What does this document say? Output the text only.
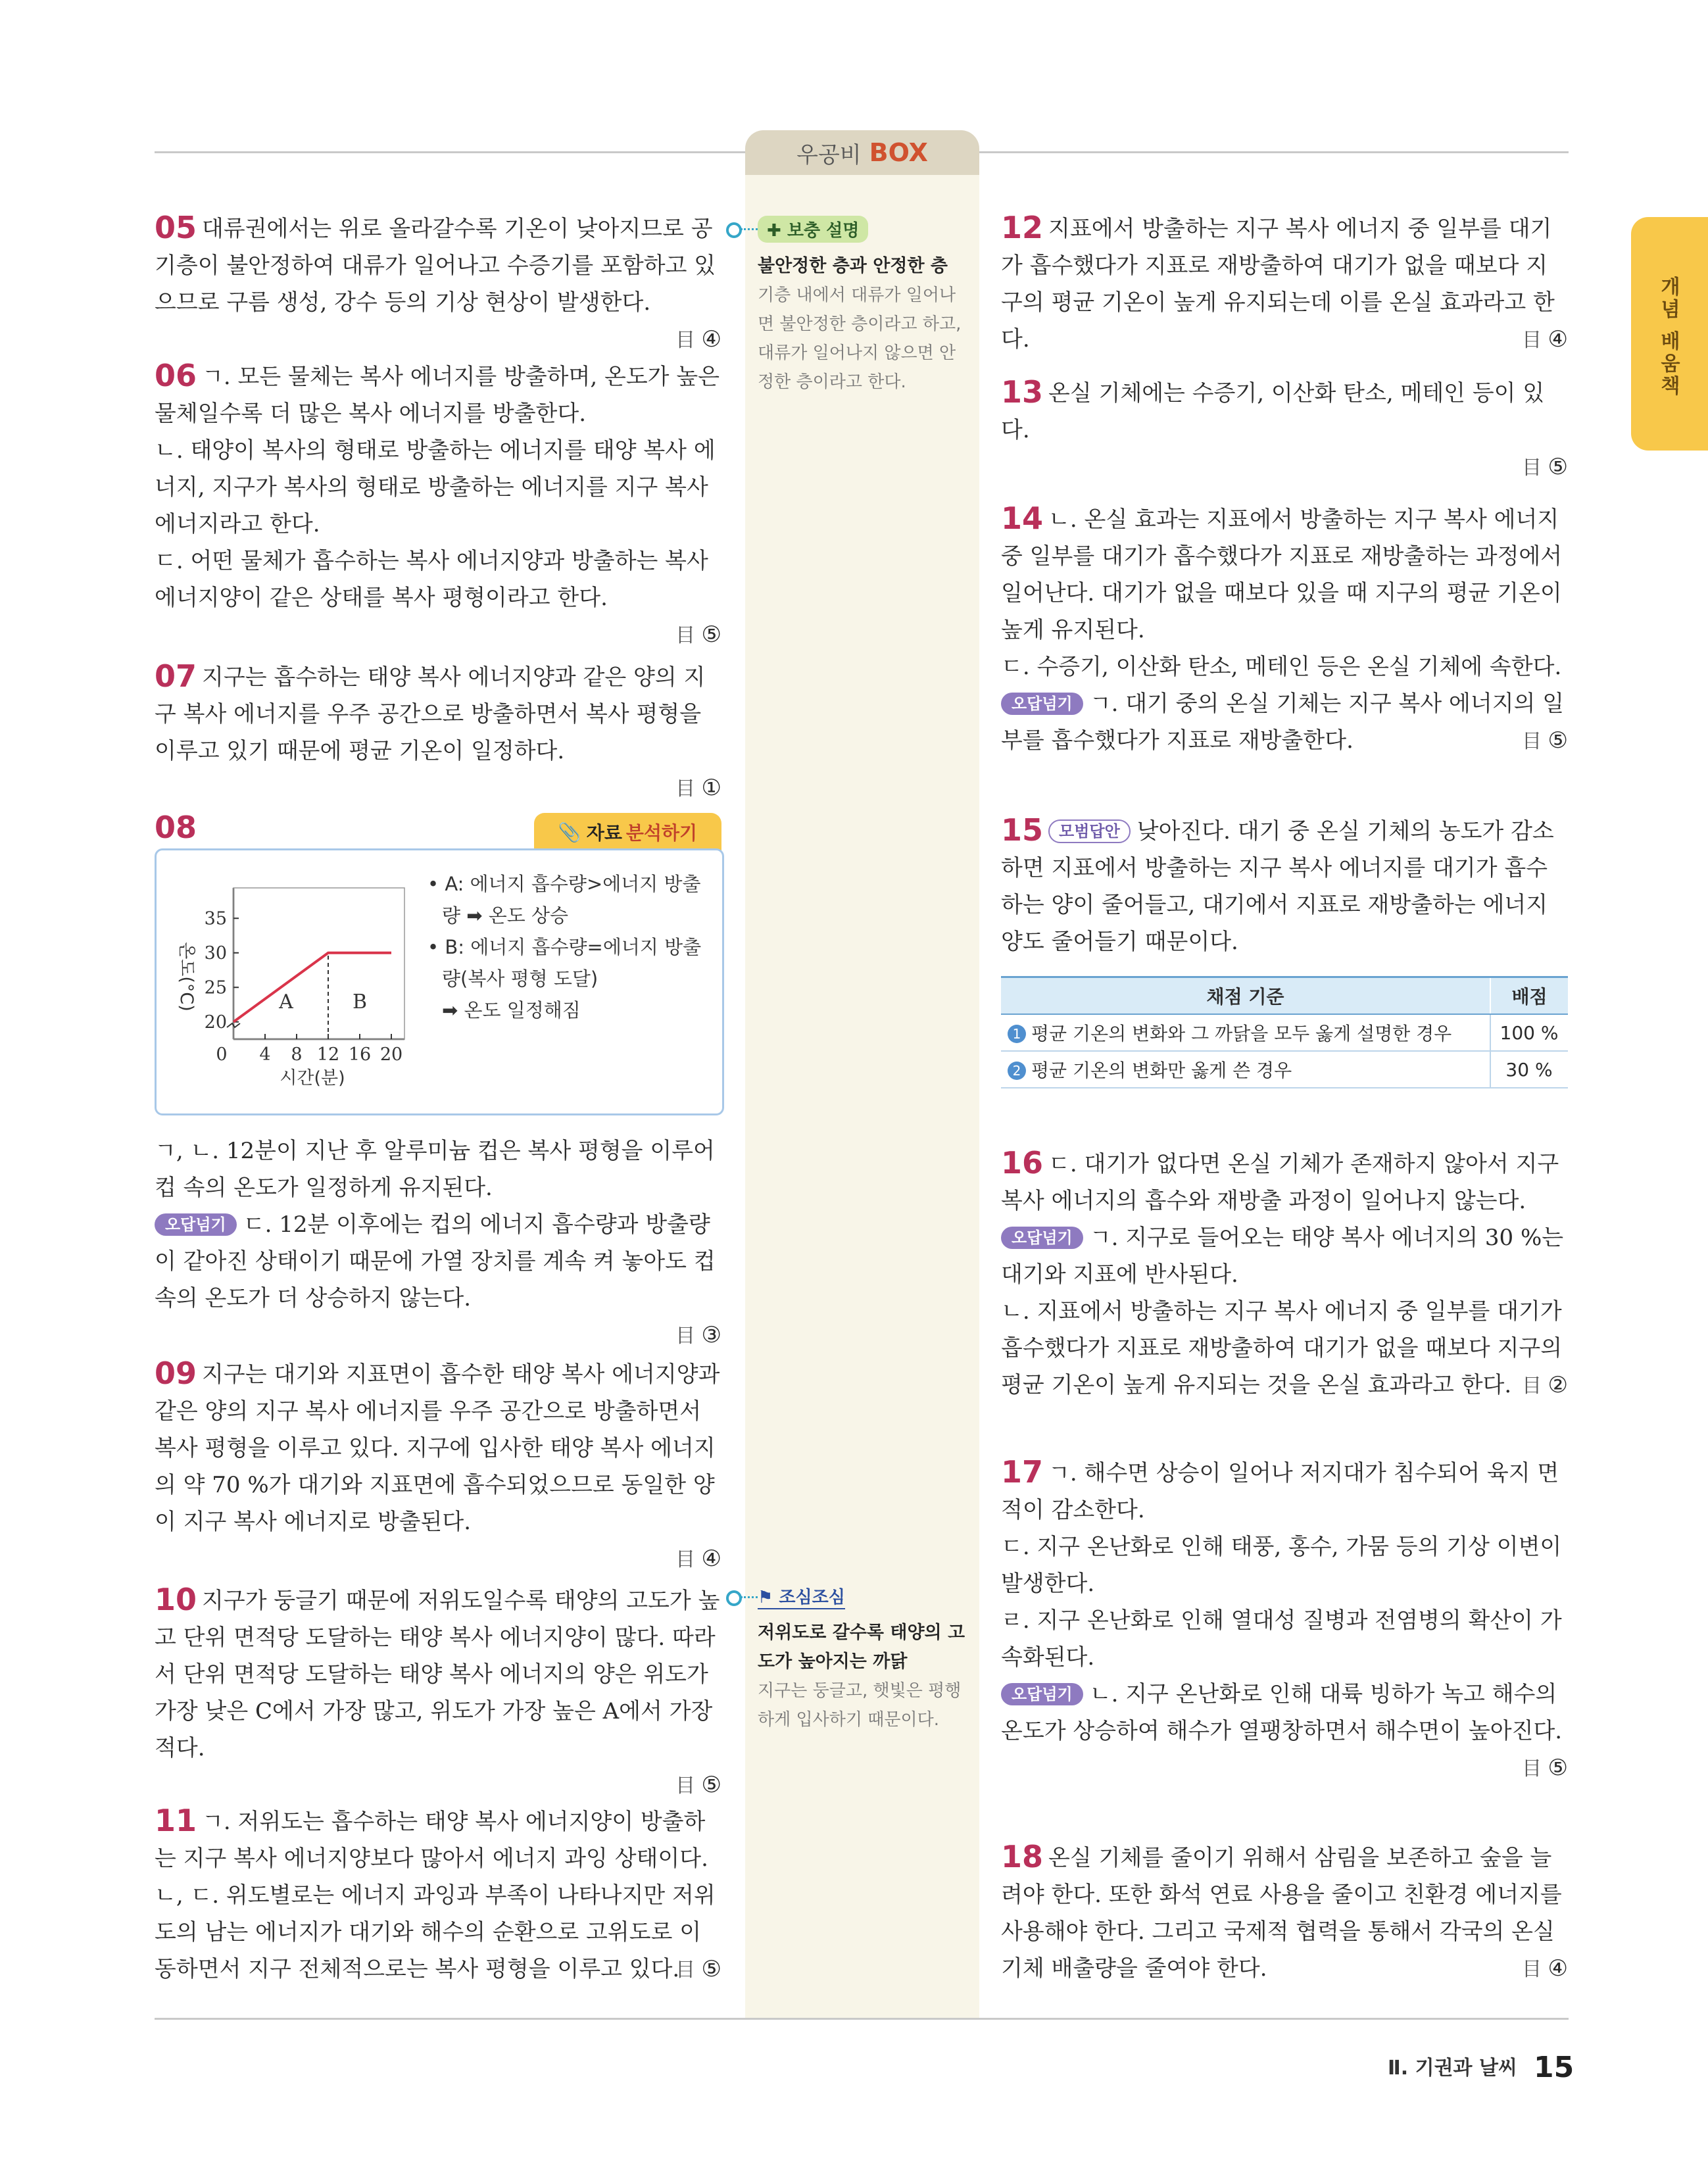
우공비 BOX
개념 배움책
05 대류권에서는 위로 올라갈수록 기온이 낮아지므로 공기층이 불안정하여 대류가 일어나고 수증기를 포함하고 있으므로 구름 생성, 강수 등의 기상 현상이 발생한다.
目 ④
06 ㄱ. 모든 물체는 복사 에너지를 방출하며, 온도가 높은 물체일수록 더 많은 복사 에너지를 방출한다.
ㄴ. 태양이 복사의 형태로 방출하는 에너지를 태양 복사 에너지, 지구가 복사의 형태로 방출하는 에너지를 지구 복사 에너지라고 한다.
ㄷ. 어떤 물체가 흡수하는 복사 에너지양과 방출하는 복사 에너지양이 같은 상태를 복사 평형이라고 한다.
目 ⑤
07 지구는 흡수하는 태양 복사 에너지양과 같은 양의 지구 복사 에너지를 우주 공간으로 방출하면서 복사 평형을 이루고 있기 때문에 평균 기온이 일정하다.
目 ①
08	📎 자료 분석하기
0 4 8 12 16 20
20
25
30
35
A	B
시간(분)
온도(°C)
• A: 에너지 흡수량>에너지 방출량 ➡ 온도 상승
• B: 에너지 흡수량=에너지 방출량(복사 평형 도달)
➡ 온도 일정해짐
ㄱ, ㄴ. 12분이 지난 후 알루미늄 컵은 복사 평형을 이루어 컵 속의 온도가 일정하게 유지된다.
오답넘기 ㄷ. 12분 이후에는 컵의 에너지 흡수량과 방출량이 같아진 상태이기 때문에 가열 장치를 계속 켜 놓아도 컵 속의 온도가 더 상승하지 않는다.
目 ③
09 지구는 대기와 지표면이 흡수한 태양 복사 에너지양과 같은 양의 지구 복사 에너지를 우주 공간으로 방출하면서 복사 평형을 이루고 있다. 지구에 입사한 태양 복사 에너지의 약 70 %가 대기와 지표면에 흡수되었으므로 동일한 양이 지구 복사 에너지로 방출된다.
目 ④
10 지구가 둥글기 때문에 저위도일수록 태양의 고도가 높고 단위 면적당 도달하는 태양 복사 에너지양이 많다. 따라서 단위 면적당 도달하는 태양 복사 에너지의 양은 위도가 가장 낮은 C에서 가장 많고, 위도가 가장 높은 A에서 가장 적다.
目 ⑤
11 ㄱ. 저위도는 흡수하는 태양 복사 에너지양이 방출하는 지구 복사 에너지양보다 많아서 에너지 과잉 상태이다.
ㄴ, ㄷ. 위도별로는 에너지 과잉과 부족이 나타나지만 저위도의 남는 에너지가 대기와 해수의 순환으로 고위도로 이동하면서 지구 전체적으로는 복사 평형을 이루고 있다.
目 ⑤
✚ 보충 설명
불안정한 층과 안정한 층
기층 내에서 대류가 일어나면 불안정한 층이라고 하고, 대류가 일어나지 않으면 안정한 층이라고 한다.
⚑ 조심조심
저위도로 갈수록 태양의 고도가 높아지는 까닭
지구는 둥글고, 햇빛은 평행하게 입사하기 때문이다.
12 지표에서 방출하는 지구 복사 에너지 중 일부를 대기가 흡수했다가 지표로 재방출하여 대기가 없을 때보다 지구의 평균 기온이 높게 유지되는데 이를 온실 효과라고 한다.	目 ④
13 온실 기체에는 수증기, 이산화 탄소, 메테인 등이 있다.
目 ⑤
14 ㄴ. 온실 효과는 지표에서 방출하는 지구 복사 에너지 중 일부를 대기가 흡수했다가 지표로 재방출하는 과정에서 일어난다. 대기가 없을 때보다 있을 때 지구의 평균 기온이 높게 유지된다.
ㄷ. 수증기, 이산화 탄소, 메테인 등은 온실 기체에 속한다.
오답넘기 ㄱ. 대기 중의 온실 기체는 지구 복사 에너지의 일부를 흡수했다가 지표로 재방출한다.	目 ⑤
15 모범답안 낮아진다. 대기 중 온실 기체의 농도가 감소하면 지표에서 방출하는 지구 복사 에너지를 대기가 흡수하는 양이 줄어들고, 대기에서 지표로 재방출하는 에너지양도 줄어들기 때문이다.
채점 기준	배점
1 평균 기온의 변화와 그 까닭을 모두 옳게 설명한 경우	100 %
2 평균 기온의 변화만 옳게 쓴 경우	30 %
16 ㄷ. 대기가 없다면 온실 기체가 존재하지 않아서 지구 복사 에너지의 흡수와 재방출 과정이 일어나지 않는다.
오답넘기 ㄱ. 지구로 들어오는 태양 복사 에너지의 30 %는 대기와 지표에 반사된다.
ㄴ. 지표에서 방출하는 지구 복사 에너지 중 일부를 대기가 흡수했다가 지표로 재방출하여 대기가 없을 때보다 지구의 평균 기온이 높게 유지되는 것을 온실 효과라고 한다. 目 ②
17 ㄱ. 해수면 상승이 일어나 저지대가 침수되어 육지 면적이 감소한다.
ㄷ. 지구 온난화로 인해 태풍, 홍수, 가뭄 등의 기상 이변이 발생한다.
ㄹ. 지구 온난화로 인해 열대성 질병과 전염병의 확산이 가속화된다.
오답넘기 ㄴ. 지구 온난화로 인해 대륙 빙하가 녹고 해수의 온도가 상승하여 해수가 열팽창하면서 해수면이 높아진다.
目 ⑤
18 온실 기체를 줄이기 위해서 삼림을 보존하고 숲을 늘려야 한다. 또한 화석 연료 사용을 줄이고 친환경 에너지를 사용해야 한다. 그리고 국제적 협력을 통해서 각국의 온실 기체 배출량을 줄여야 한다.	目 ④
Ⅱ. 기권과 날씨 15
